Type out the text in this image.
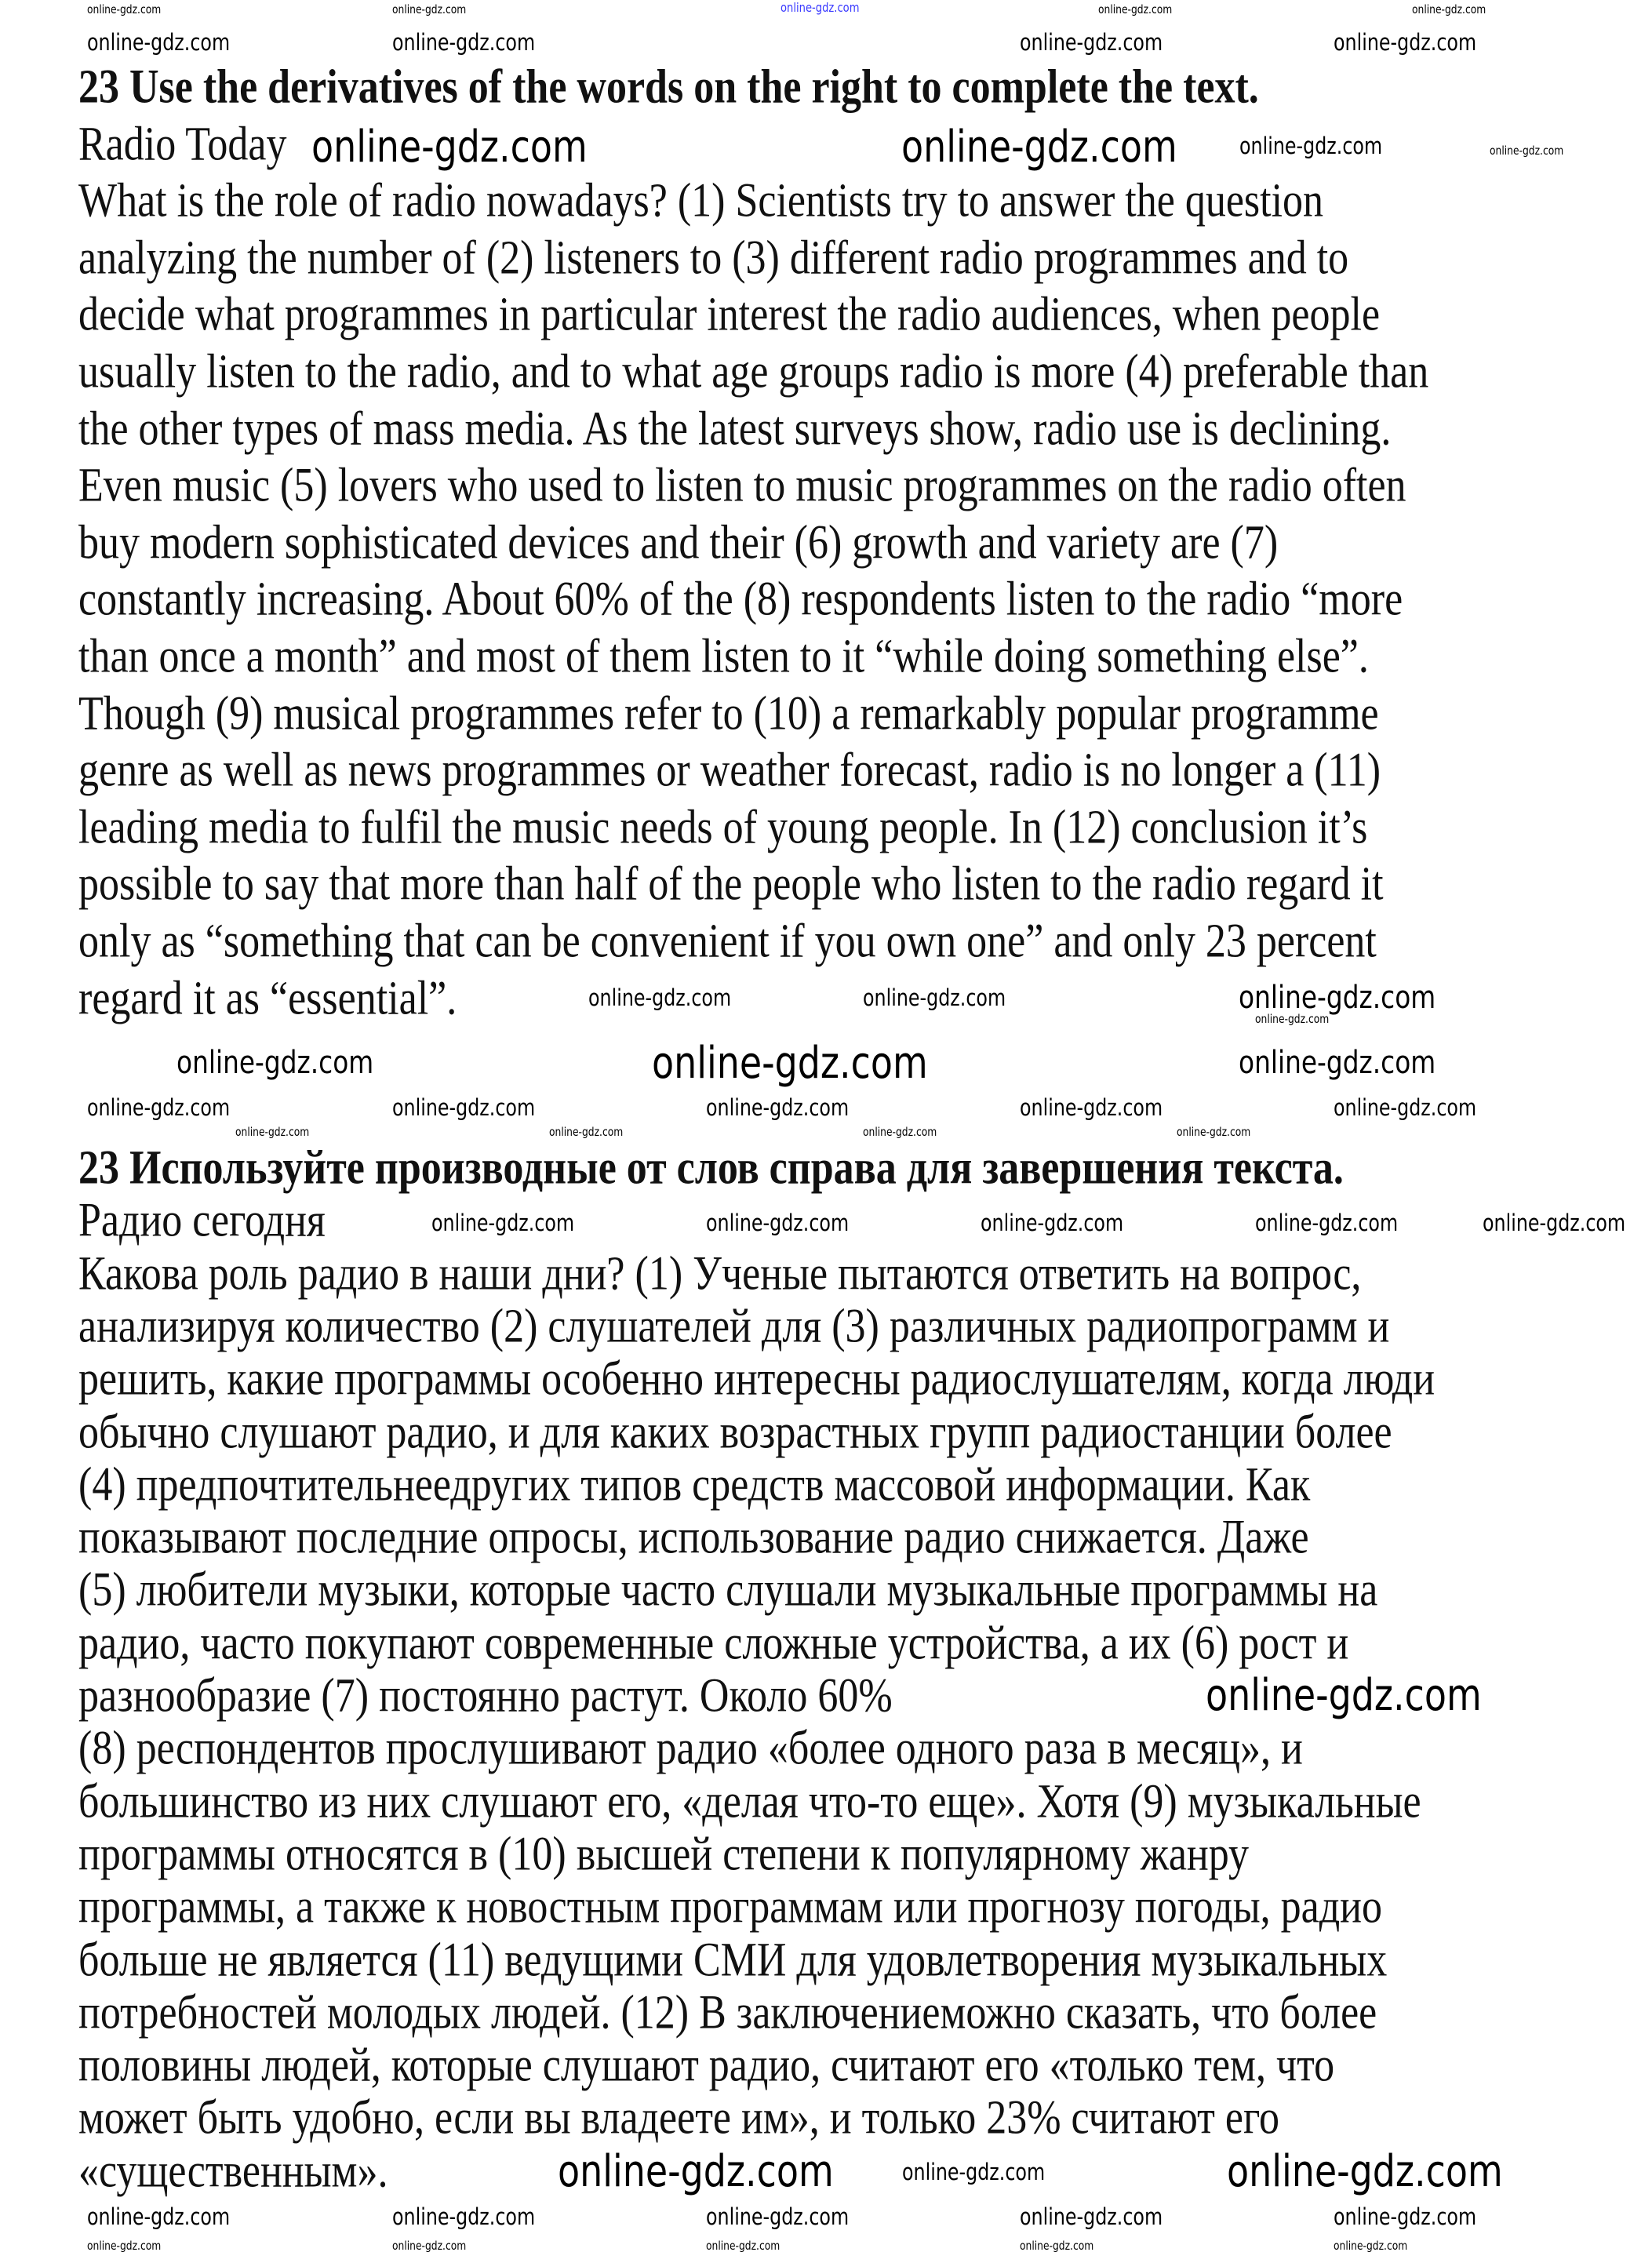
23 Use the derivatives of the words on the right to complete the text.
Radio Today
What is the role of radio nowadays? (1) Scientists try to answer the question
analyzing the number of (2) listeners to (3) different radio programmes and to
decide what programmes in particular interest the radio audiences, when people
usually listen to the radio, and to what age groups radio is more (4) preferable than
the other types of mass media. As the latest surveys show, radio use is declining.
Even music (5) lovers who used to listen to music programmes on the radio often
buy modern sophisticated devices and their (6) growth and variety are (7)
constantly increasing. About 60% of the (8) respondents listen to the radio “more
than once a month” and most of them listen to it “while doing something else”.
Though (9) musical programmes refer to (10) a remarkably popular programme
genre as well as news programmes or weather forecast, radio is no longer a (11)
leading media to fulfil the music needs of young people. In (12) conclusion it’s
possible to say that more than half of the people who listen to the radio regard it
only as “something that can be convenient if you own one” and only 23 percent
regard it as “essential”.
23 Используйте производные от слов справа для завершения текста.
Радио сегодня
Какова роль радио в наши дни? (1) Ученые пытаются ответить на вопрос,
анализируя количество (2) слушателей для (3) различных радиопрограмм и
решить, какие программы особенно интересны радиослушателям, когда люди
обычно слушают радио, и для каких возрастных групп радиостанции более
(4) предпочтительнеедругих типов средств массовой информации. Как
показывают последние опросы, использование радио снижается. Даже
(5) любители музыки, которые часто слушали музыкальные программы на
радио, часто покупают современные сложные устройства, а их (6) рост и
разнообразие (7) постоянно растут. Около 60%
(8) респондентов прослушивают радио «более одного раза в месяц», и
большинство из них слушают его, «делая что-то еще». Хотя (9) музыкальные
программы относятся в (10) высшей степени к популярному жанру
программы, а также к новостным программам или прогнозу погоды, радио
больше не является (11) ведущими СМИ для удовлетворения музыкальных
потребностей молодых людей. (12) В заключениеможно сказать, что более
половины людей, которые слушают радио, считают его «только тем, что
может быть удобно, если вы владеете им», и только 23% считают его
«существенным».
online-gdz.com
online-gdz.com	online-gdz.com	online-gdz.com	online-gdz.com
online-gdz.com	online-gdz.com	online-gdz.com	online-gdz.com
online-gdz.com	online-gdz.com	online-gdz.com	online-gdz.com
online-gdz.com	online-gdz.com	online-gdz.com
online-gdz.com
online-gdz.com	online-gdz.com	online-gdz.com
online-gdz.com	online-gdz.com	online-gdz.com	online-gdz.com	online-gdz.com
online-gdz.com	online-gdz.com	online-gdz.com	online-gdz.com
online-gdz.com	online-gdz.com	online-gdz.com	online-gdz.com	online-gdz.com
online-gdz.com
online-gdz.com	online-gdz.com	online-gdz.com
online-gdz.com	online-gdz.com	online-gdz.com	online-gdz.com	online-gdz.com
online-gdz.com	online-gdz.com	online-gdz.com	online-gdz.com	online-gdz.com
